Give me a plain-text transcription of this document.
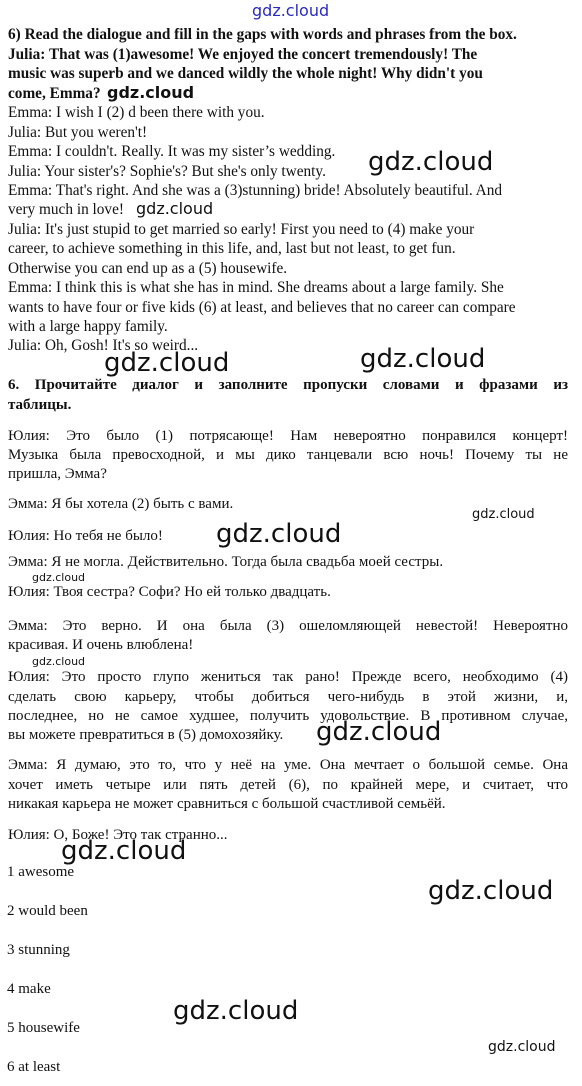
gdz.cloud
6) Read the dialogue and fill in the gaps with words and phrases from the box.
Julia: That was (1)awesome! We enjoyed the concert tremendously! The
music was superb and we danced wildly the whole night! Why didn't you
come, Emma?
Emma: I wish I (2) d been there with you.
Julia: But you weren't!
Emma: I couldn't. Really. It was my sister’s wedding.
Julia: Your sister's? Sophie's? But she's only twenty.
Emma: That's right. And she was a (3)stunning) bride! Absolutely beautiful. And
very much in love!
Julia: It's just stupid to get married so early! First you need to (4) make your
career, to achieve something in this life, and, last but not least, to get fun.
Otherwise you can end up as a (5) housewife.
Emma: I think this is what she has in mind. She dreams about a large family. She
wants to have four or five kids (6) at least, and believes that no career can compare
with a large happy family.
Julia: Oh, Gosh! It's so weird...
6. Прочитайте диалог и заполните пропуски словами и фразами из
таблицы.
Юлия: Это было (1) потрясающе! Нам невероятно понравился концерт!
Музыка была превосходной, и мы дико танцевали всю ночь! Почему ты не
пришла, Эмма?
Эмма: Я бы хотела (2) быть с вами.
Юлия: Но тебя не было!
Эмма: Я не могла. Действительно. Тогда была свадьба моей сестры.
Юлия: Твоя сестра? Софи? Но ей только двадцать.
Эмма: Это верно. И она была (3) ошеломляющей невестой! Невероятно
красивая. И очень влюблена!
Юлия: Это просто глупо жениться так рано! Прежде всего, необходимо (4)
сделать свою карьеру, чтобы добиться чего-нибудь в этой жизни, и,
последнее, но не самое худшее, получить удовольствие. В противном случае,
вы можете превратиться в (5) домохозяйку.
Эмма: Я думаю, это то, что у неё на уме. Она мечтает о большой семье. Она
хочет иметь четыре или пять детей (6), по крайней мере, и считает, что
никакая карьера не может сравниться с большой счастливой семьёй.
Юлия: О, Боже! Это так странно...
1 awesome
2 would been
3 stunning
4 make
5 housewife
6 at least
gdz.cloud
gdz.cloud
gdz.cloud
gdz.cloud	gdz.cloud
gdz.cloud
gdz.cloud
gdz.cloud
gdz.cloud
gdz.cloud
gdz.cloud
gdz.cloud
gdz.cloud
gdz.cloud
